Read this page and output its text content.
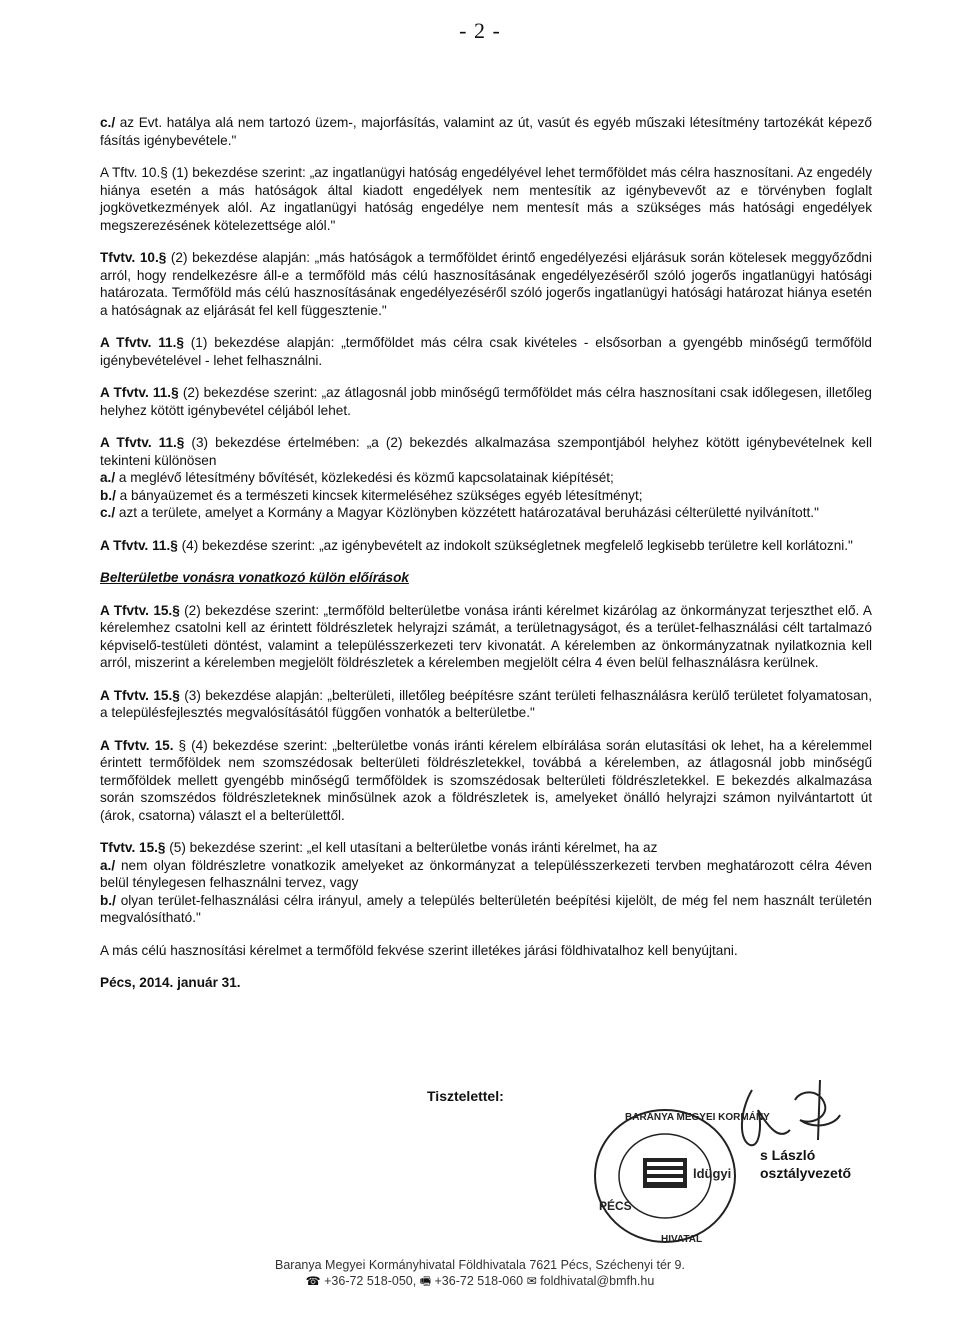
- 2 -

c./ az Evt. hatálya alá nem tartozó üzem-, majorfásítás, valamint az út, vasút és egyéb műszaki létesítmény tartozékát képező fásítás igénybevétele."

A Tftv. 10.§ (1) bekezdése szerint: „az ingatlanügyi hatóság engedélyével lehet termőföldet más célra hasznosítani. Az engedély hiánya esetén a más hatóságok által kiadott engedélyek nem mentesítik az igénybevevőt az e törvényben foglalt jogkövetkezmények alól. Az ingatlanügyi hatóság engedélye nem mentesít más a szükséges más hatósági engedélyek megszerezésének kötelezettsége alól."

Tfvtv. 10.§ (2) bekezdése alapján: „más hatóságok a termőföldet érintő engedélyezési eljárásuk során kötelesek meggyőződni arról, hogy rendelkezésre áll-e a termőföld más célú hasznosításának engedélyezéséről szóló jogerős ingatlanügyi hatósági határozata. Termőföld más célú hasznosításának engedélyezéséről szóló jogerős ingatlanügyi hatósági határozat hiánya esetén a hatóságnak az eljárását fel kell függesztenie."

A Tfvtv. 11.§ (1) bekezdése alapján: „termőföldet más célra csak kivételes - elsősorban a gyengébb minőségű termőföld igénybevételével - lehet felhasználni.

A Tfvtv. 11.§ (2) bekezdése szerint: „az átlagosnál jobb minőségű termőföldet más célra hasznosítani csak időlegesen, illetőleg helyhez kötött igénybevétel céljából lehet.

A Tfvtv. 11.§ (3) bekezdése értelmében: „a (2) bekezdés alkalmazása szempontjából helyhez kötött igénybevételnek kell tekinteni különösen

a./ a meglévő létesítmény bővítését, közlekedési és közmű kapcsolatainak kiépítését;

b./ a bányaüzemet és a természeti kincsek kitermeléséhez szükséges egyéb létesítményt;

c./ azt a területe, amelyet a Kormány a Magyar Közlönyben közzétett határozatával beruházási célterületté nyilvánított."

A Tfvtv. 11.§ (4) bekezdése szerint: „az igénybevételt az indokolt szükségletnek megfelelő legkisebb területre kell korlátozni."

Belterületbe vonásra vonatkozó külön előírások

A Tfvtv. 15.§ (2) bekezdése szerint: „termőföld belterületbe vonása iránti kérelmet kizárólag az önkormányzat terjeszthet elő. A kérelemhez csatolni kell az érintett földrészletek helyrajzi számát, a területnagyságot, és a terület-felhasználási célt tartalmazó képviselő-testületi döntést, valamint a településszerkezeti terv kivonatát. A kérelemben az önkormányzatnak nyilatkoznia kell arról, miszerint a kérelemben megjelölt földrészletek a kérelemben megjelölt célra 4 éven belül felhasználásra kerülnek.

A Tfvtv. 15.§ (3) bekezdése alapján: „belterületi, illetőleg beépítésre szánt területi felhasználásra kerülő területet folyamatosan, a településfejlesztés megvalósításától függően vonhatók a belterületbe."

A Tfvtv. 15. § (4) bekezdése szerint: „belterületbe vonás iránti kérelem elbírálása során elutasítási ok lehet, ha a kérelemmel érintett termőföldek nem szomszédosak belterületi földrészletekkel, továbbá a kérelemben, az átlagosnál jobb minőségű termőföldek mellett gyengébb minőségű termőföldek is szomszédosak belterületi földrészletekkel. E bekezdés alkalmazása során szomszédos földrészleteknek minősülnek azok a földrészletek is, amelyeket önálló helyrajzi számon nyilvántartott út (árok, csatorna) választ el a belterülettől.

Tfvtv. 15.§ (5) bekezdése szerint: „el kell utasítani a belterületbe vonás iránti kérelmet, ha az

a./ nem olyan földrészletre vonatkozik amelyeket az önkormányzat a településszerkezeti tervben meghatározott célra 4éven belül ténylegesen felhasználni tervez, vagy

b./ olyan terület-felhasználási célra irányul, amely a település belterületén beépítési kijelölt, de még fel nem használt területén megvalósítható."

A más célú hasznosítási kérelmet a termőföld fekvése szerint illetékes járási földhivatalhoz kell benyújtani.

Pécs, 2014. január 31.

Tisztelettel:
BARANYA MEGYEI KORMÁNY
PÉCS
HIVATAL
ldügyi
s László
osztályvezető
Baranya Megyei Kormányhivatal Földhivatala 7621 Pécs, Széchenyi tér 9.
☎ +36-72 518-050, 🖷 +36-72 518-060 ✉ foldhivatal@bmfh.hu
